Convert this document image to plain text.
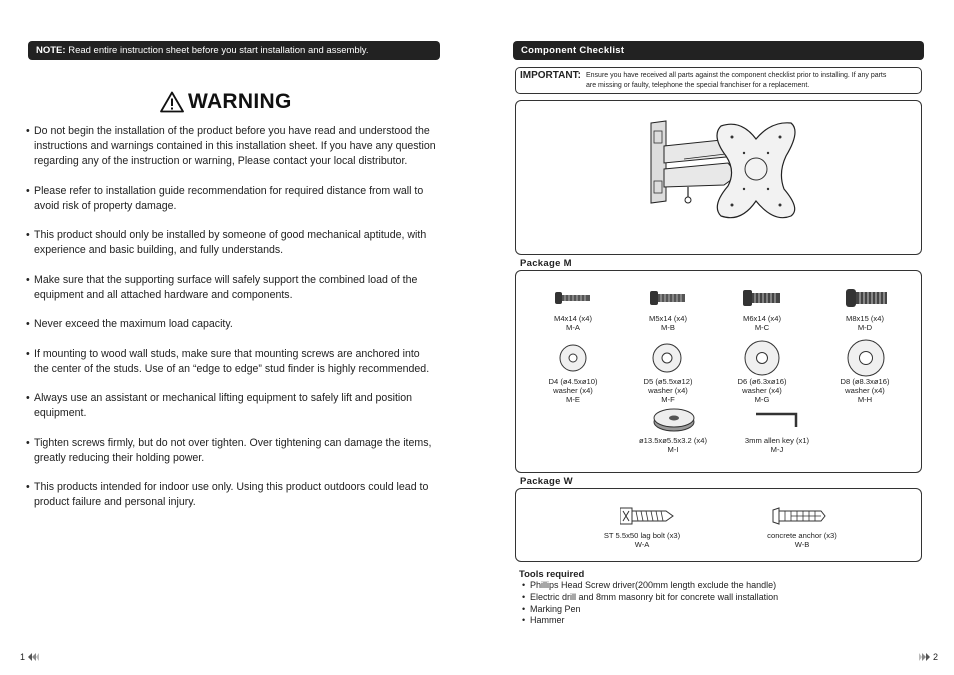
NOTE: Read entire instruction sheet before you start installation and assembly.
WARNING
• Do not begin the installation of the product before you have read and understood the
instructions and warnings contained in this installation sheet. If you have any question
regarding any of the instruction or warning, Please contact your local distributor.
• Please refer to installation guide recommendation for required distance from wall to
avoid risk of property damage.
• This product should only be installed by someone of good mechanical aptitude, with
experience and basic building, and fully understands.
• Make sure that the supporting surface will safely support the combined load of the
equipment and all attached hardware and components.
• Never exceed the maximum load capacity.
• If mounting to wood wall studs, make sure that mounting screws are anchored into
the center of the studs. Use of an “edge to edge” stud finder is highly recommended.
• Always use an assistant or mechanical lifting equipment to safely lift and position
equipment.
• Tighten screws firmly, but do not over tighten. Over tightening can damage the items,
greatly reducing their holding power.
• This products intended for indoor use only. Using this product outdoors could lead to
product failure and personal injury.
1
Component Checklist
IMPORTANT: Ensure you have received all parts against the component checklist prior to installing. If any parts
are missing or faulty, telephone the special franchiser for a replacement.
Package M
M4x14 (x4)
M-A
M5x14 (x4)
M-B
M6x14 (x4)
M-C
M8x15 (x4)
M-D
D4 (ø4.5xø10)
washer (x4)
M-E
D5 (ø5.5xø12)
washer (x4)
M-F
D6 (ø6.3xø16)
washer (x4)
M-G
D8 (ø8.3xø16)
washer (x4)
M-H
ø13.5xø5.5x3.2 (x4)
M-I
3mm allen key (x1)
M-J
Package W
ST 5.5x50 lag bolt (x3)
W-A
concrete anchor (x3)
W-B
Tools required
• Phillips Head Screw driver(200mm length exclude the handle)
• Electric drill and 8mm masonry bit for concrete wall installation
• Marking Pen
• Hammer
2
